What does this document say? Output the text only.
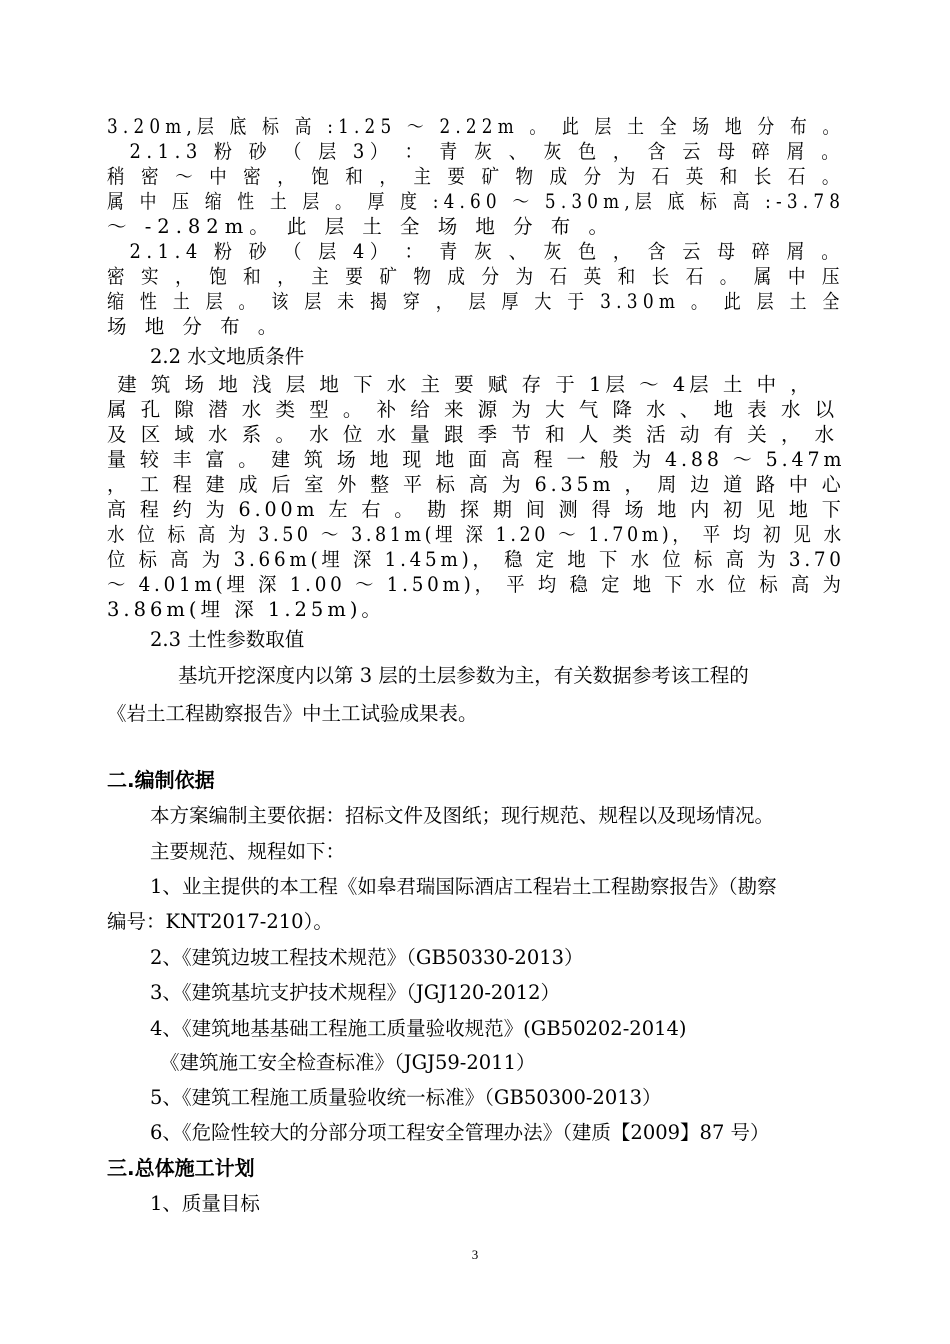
3.20m,层 底 标 高 :1.25 ～ 2.22m 。 此 层 土 全 场 地 分 布 。
2.1.3 粉 砂 （ 层 3） ： 青 灰 、 灰 色 ， 含 云 母 碎 屑 。
稍 密 ～ 中 密 ， 饱 和 ， 主 要 矿 物 成 分 为 石 英 和 长 石 。
属 中 压 缩 性 土 层 。 厚 度 :4.60 ～ 5.30m,层 底 标 高 :-3.78
～ -2.82m。 此 层 土 全 场 地 分 布 。
2.1.4 粉 砂 （ 层 4） ： 青 灰 、 灰 色 ， 含 云 母 碎 屑 。
密 实 ， 饱 和 ， 主 要 矿 物 成 分 为 石 英 和 长 石 。 属 中 压
缩 性 土 层 。 该 层 未 揭 穿 ， 层 厚 大 于 3.30m 。 此 层 土 全
场 地 分 布 。
2.2 水文地质条件
建 筑 场 地 浅 层 地 下 水 主 要 赋 存 于 1层 ～ 4层 土 中 ，
属 孔 隙 潜 水 类 型 。 补 给 来 源 为 大 气 降 水 、 地 表 水 以
及 区 域 水 系 。 水 位 水 量 跟 季 节 和 人 类 活 动 有 关 ， 水
量 较 丰 富 。 建 筑 场 地 现 地 面 高 程 一 般 为 4.88 ～ 5.47m
， 工 程 建 成 后 室 外 整 平 标 高 为 6.35m ， 周 边 道 路 中 心
高 程 约 为 6.00m 左 右 。 勘 探 期 间 测 得 场 地 内 初 见 地 下
水 位 标 高 为 3.50 ～ 3.81m(埋 深 1.20 ～ 1.70m)， 平 均 初 见 水
位 标 高 为 3.66m(埋 深 1.45m)， 稳 定 地 下 水 位 标 高 为 3.70
～ 4.01m(埋 深 1.00 ～ 1.50m)， 平 均 稳 定 地 下 水 位 标 高 为
3.86m(埋 深 1.25m)。
2.3 土性参数取值
基坑开挖深度内以第 3 层的土层参数为主，有关数据参考该工程的
《岩土工程勘察报告》中土工试验成果表。
二.编制依据
本方案编制主要依据：招标文件及图纸；现行规范、规程以及现场情况。
主要规范、规程如下：
1、业主提供的本工程《如皋君瑞国际酒店工程岩土工程勘察报告》（勘察
编号：KNT2017-210）。
2、《建筑边坡工程技术规范》（GB50330-2013）
3、《建筑基坑支护技术规程》（JGJ120-2012）
4、《建筑地基基础工程施工质量验收规范》(GB50202-2014)
《建筑施工安全检查标准》（JGJ59-2011）
5、《建筑工程施工质量验收统一标准》（GB50300-2013）
6、《危险性较大的分部分项工程安全管理办法》（建质【2009】87 号）
三.总体施工计划
1、质量目标
3
